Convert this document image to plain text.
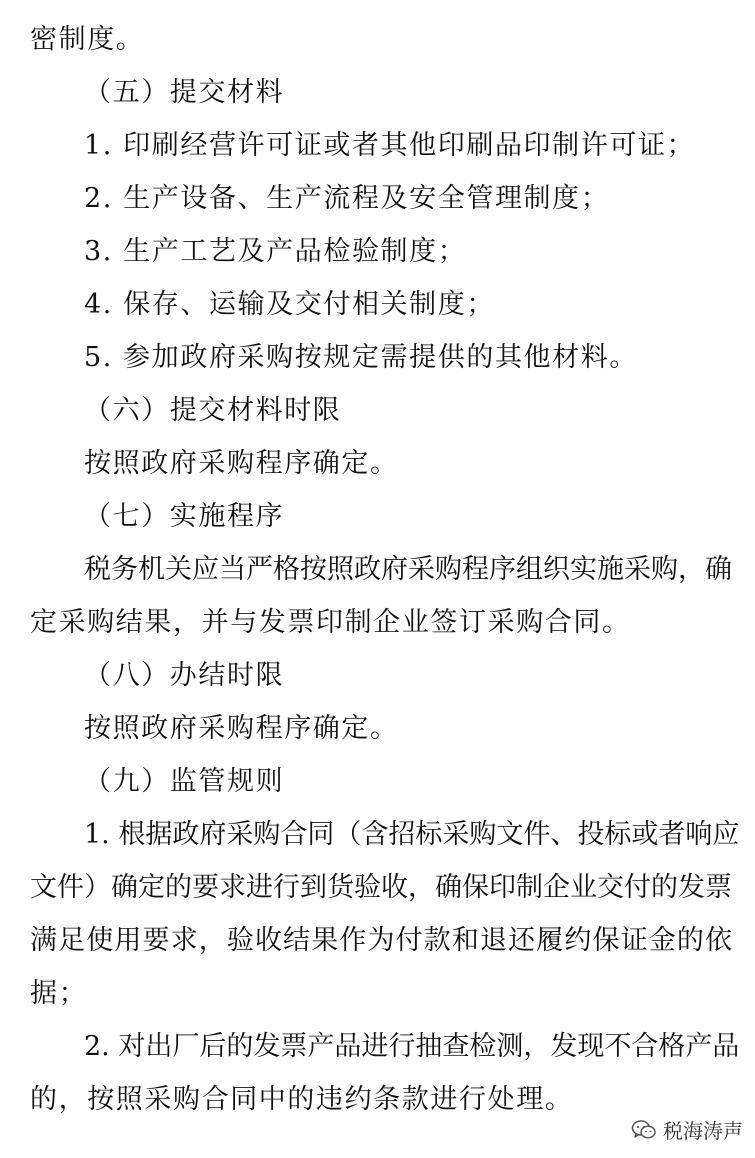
密制度。
（五）提交材料
1. 印刷经营许可证或者其他印刷品印制许可证；
2. 生产设备、生产流程及安全管理制度；
3. 生产工艺及产品检验制度；
4. 保存、运输及交付相关制度；
5. 参加政府采购按规定需提供的其他材料。
（六）提交材料时限
按照政府采购程序确定。
（七）实施程序
税务机关应当严格按照政府采购程序组织实施采购，确
定采购结果，并与发票印制企业签订采购合同。
（八）办结时限
按照政府采购程序确定。
（九）监管规则
1. 根据政府采购合同（含招标采购文件、投标或者响应
文件）确定的要求进行到货验收，确保印制企业交付的发票
满足使用要求，验收结果作为付款和退还履约保证金的依
据；
2. 对出厂后的发票产品进行抽查检测，发现不合格产品
的，按照采购合同中的违约条款进行处理。
税海涛声
